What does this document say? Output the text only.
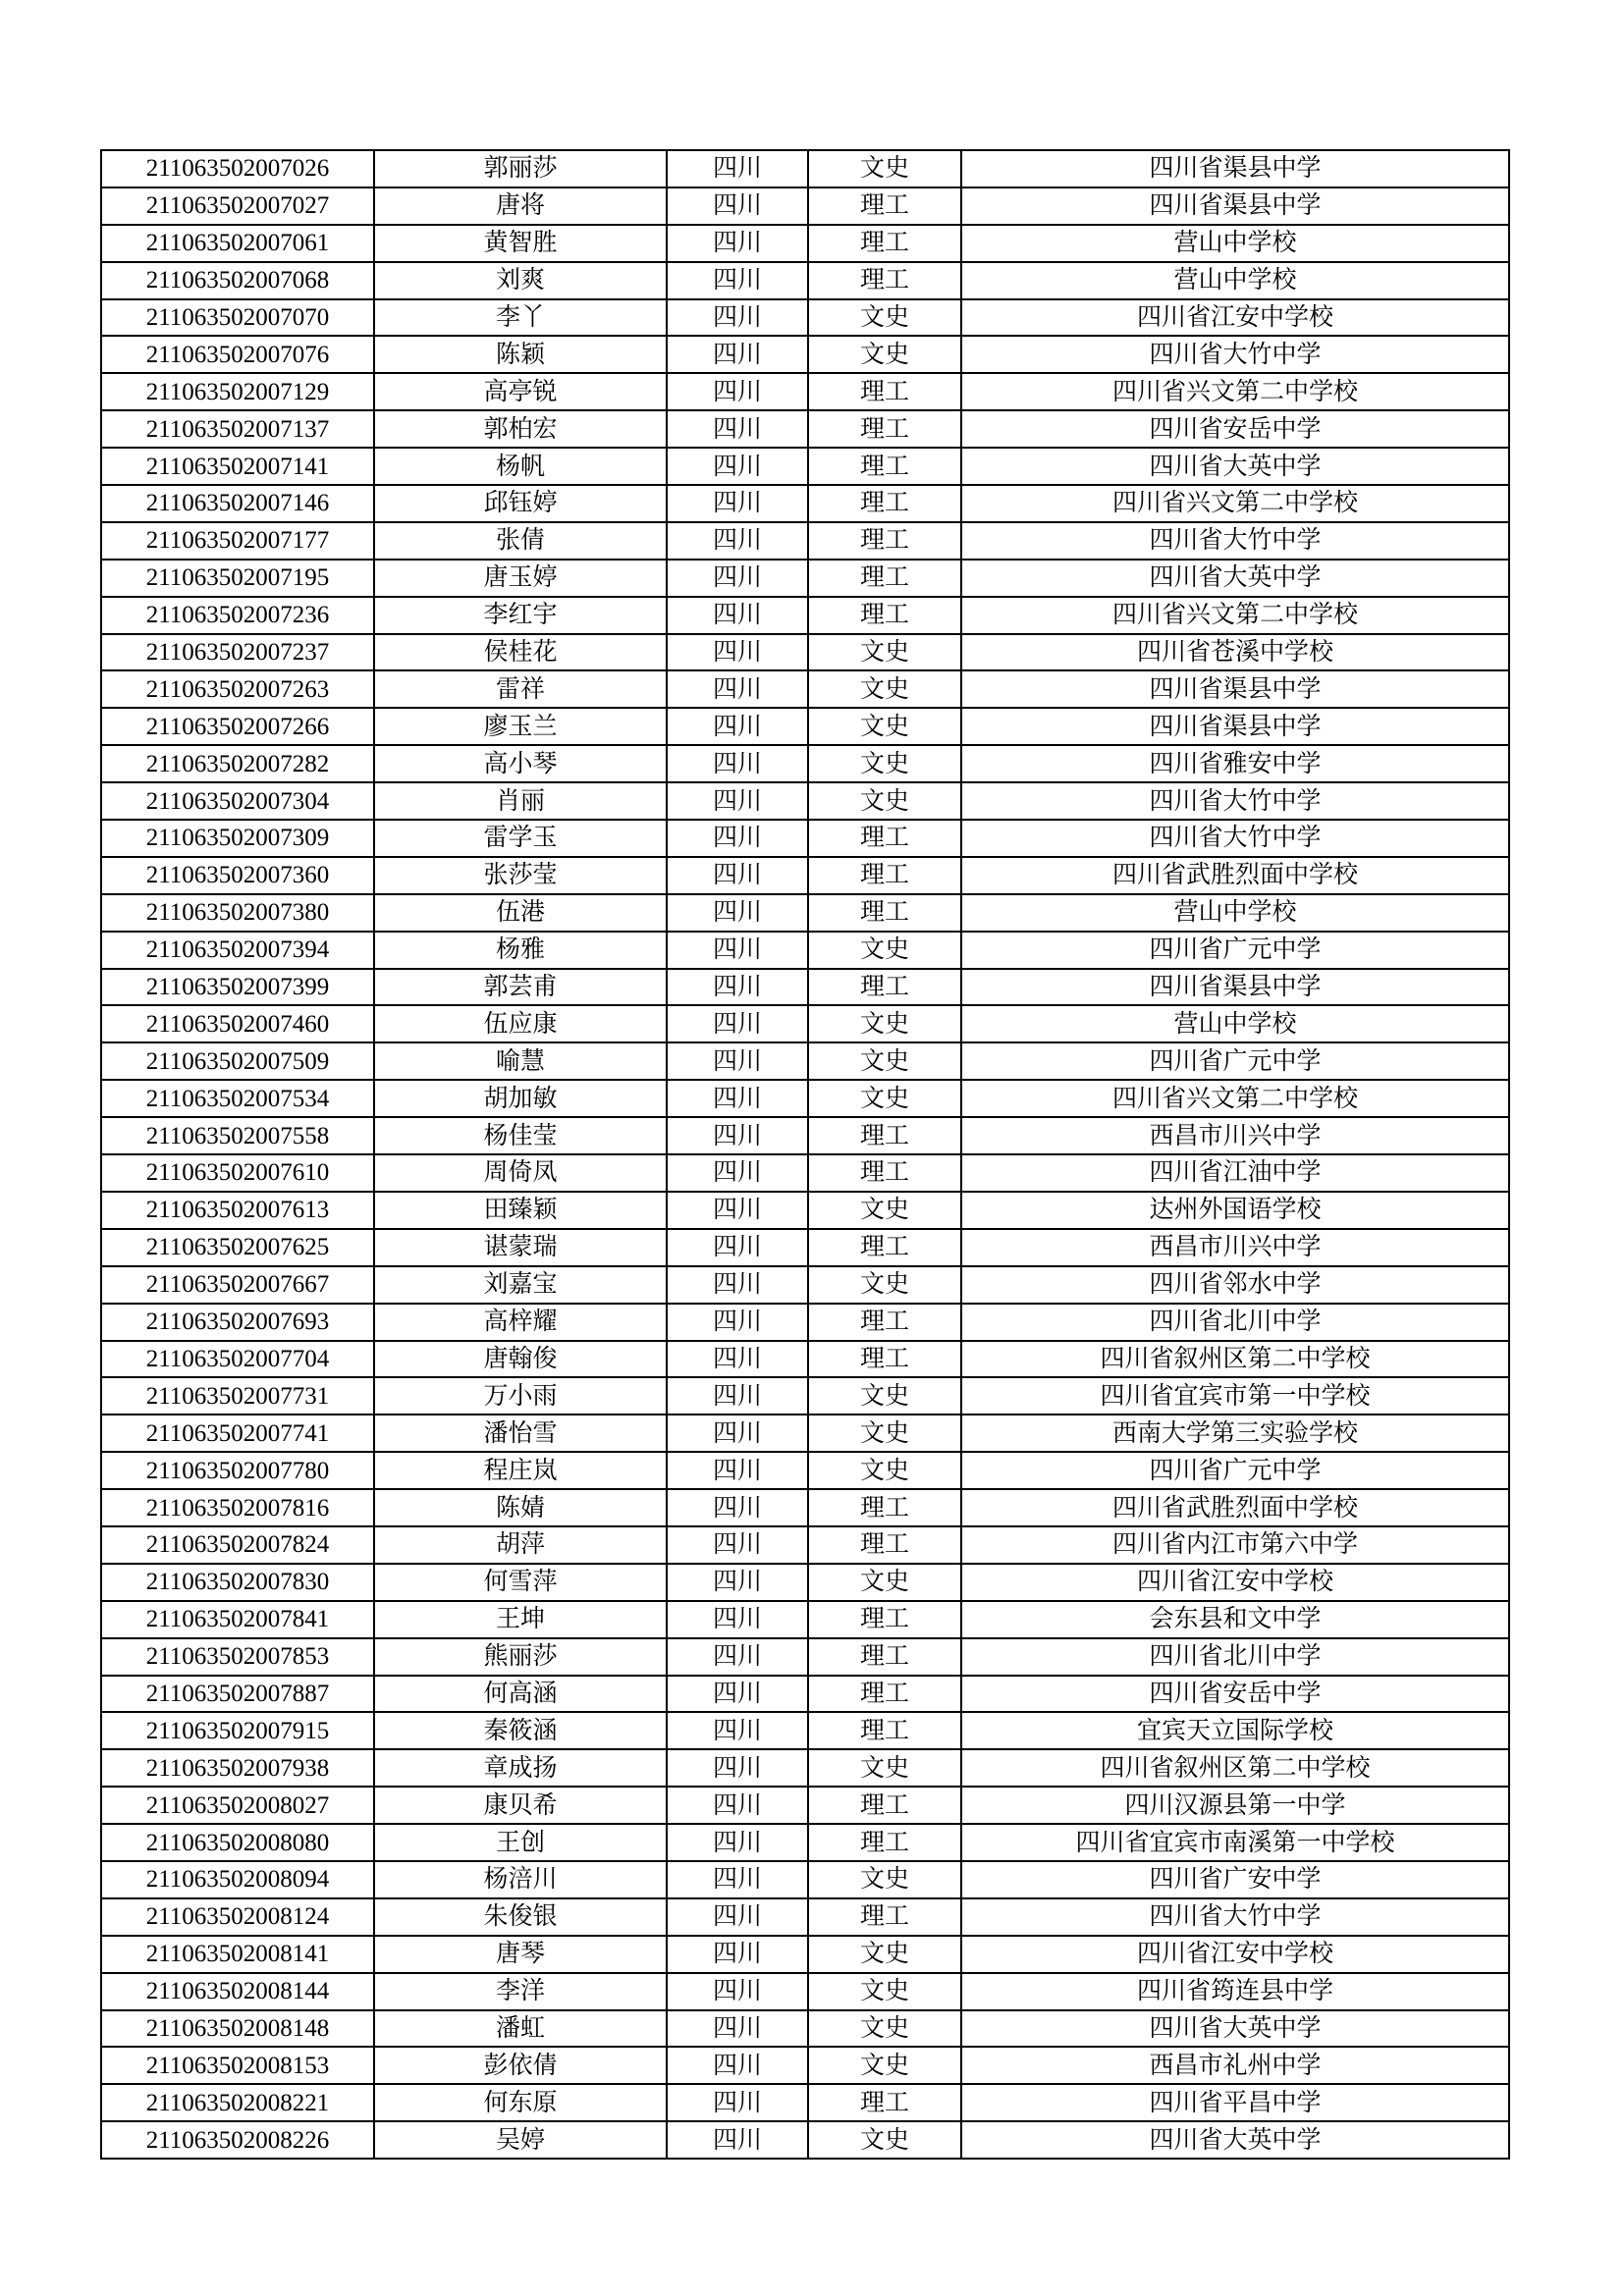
211063502007026	郭丽莎	四川	文史	四川省渠县中学
211063502007027	唐将	四川	理工	四川省渠县中学
211063502007061	黄智胜	四川	理工	营山中学校
211063502007068	刘爽	四川	理工	营山中学校
211063502007070	李丫	四川	文史	四川省江安中学校
211063502007076	陈颖	四川	文史	四川省大竹中学
211063502007129	高亭锐	四川	理工	四川省兴文第二中学校
211063502007137	郭柏宏	四川	理工	四川省安岳中学
211063502007141	杨帆	四川	理工	四川省大英中学
211063502007146	邱钰婷	四川	理工	四川省兴文第二中学校
211063502007177	张倩	四川	理工	四川省大竹中学
211063502007195	唐玉婷	四川	理工	四川省大英中学
211063502007236	李红宇	四川	理工	四川省兴文第二中学校
211063502007237	侯桂花	四川	文史	四川省苍溪中学校
211063502007263	雷祥	四川	文史	四川省渠县中学
211063502007266	廖玉兰	四川	文史	四川省渠县中学
211063502007282	高小琴	四川	文史	四川省雅安中学
211063502007304	肖丽	四川	文史	四川省大竹中学
211063502007309	雷学玉	四川	理工	四川省大竹中学
211063502007360	张莎莹	四川	理工	四川省武胜烈面中学校
211063502007380	伍港	四川	理工	营山中学校
211063502007394	杨雅	四川	文史	四川省广元中学
211063502007399	郭芸甫	四川	理工	四川省渠县中学
211063502007460	伍应康	四川	文史	营山中学校
211063502007509	喻慧	四川	文史	四川省广元中学
211063502007534	胡加敏	四川	文史	四川省兴文第二中学校
211063502007558	杨佳莹	四川	理工	西昌市川兴中学
211063502007610	周倚凤	四川	理工	四川省江油中学
211063502007613	田臻颖	四川	文史	达州外国语学校
211063502007625	谌蒙瑞	四川	理工	西昌市川兴中学
211063502007667	刘嘉宝	四川	文史	四川省邻水中学
211063502007693	高梓耀	四川	理工	四川省北川中学
211063502007704	唐翰俊	四川	理工	四川省叙州区第二中学校
211063502007731	万小雨	四川	文史	四川省宜宾市第一中学校
211063502007741	潘怡雪	四川	文史	西南大学第三实验学校
211063502007780	程庄岚	四川	文史	四川省广元中学
211063502007816	陈婧	四川	理工	四川省武胜烈面中学校
211063502007824	胡萍	四川	理工	四川省内江市第六中学
211063502007830	何雪萍	四川	文史	四川省江安中学校
211063502007841	王坤	四川	理工	会东县和文中学
211063502007853	熊丽莎	四川	理工	四川省北川中学
211063502007887	何高涵	四川	理工	四川省安岳中学
211063502007915	秦筱涵	四川	理工	宜宾天立国际学校
211063502007938	章成扬	四川	文史	四川省叙州区第二中学校
211063502008027	康贝希	四川	理工	四川汉源县第一中学
211063502008080	王创	四川	理工	四川省宜宾市南溪第一中学校
211063502008094	杨涪川	四川	文史	四川省广安中学
211063502008124	朱俊银	四川	理工	四川省大竹中学
211063502008141	唐琴	四川	文史	四川省江安中学校
211063502008144	李洋	四川	文史	四川省筠连县中学
211063502008148	潘虹	四川	文史	四川省大英中学
211063502008153	彭依倩	四川	文史	西昌市礼州中学
211063502008221	何东原	四川	理工	四川省平昌中学
211063502008226	吴婷	四川	文史	四川省大英中学
